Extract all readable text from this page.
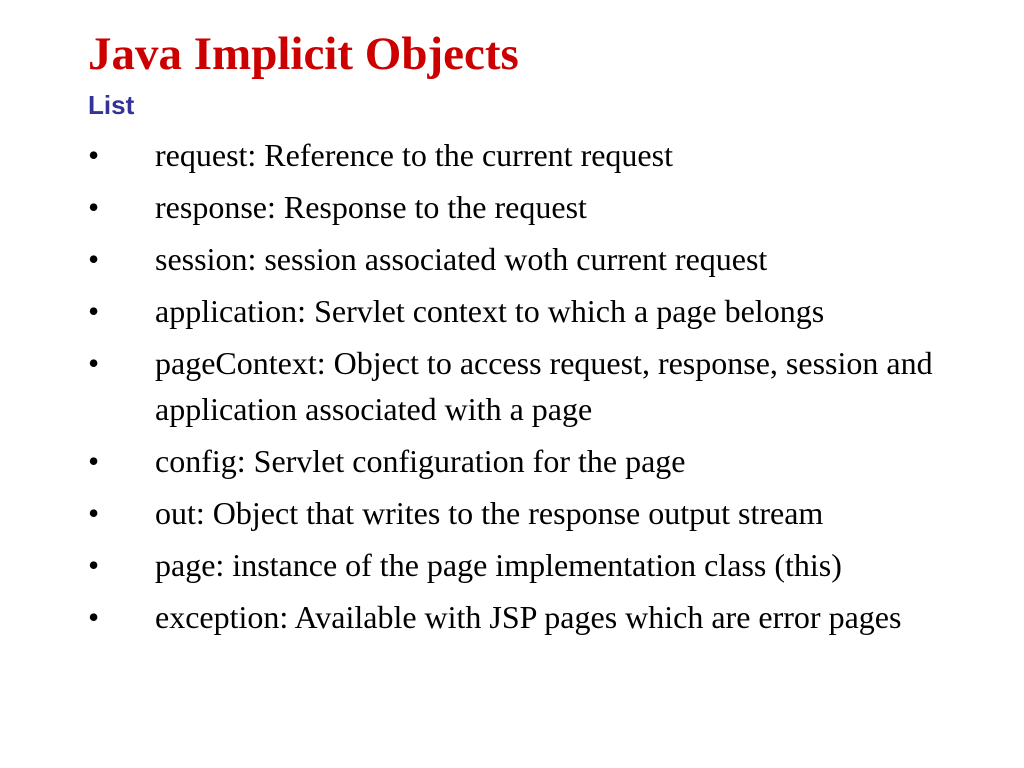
Java Implicit Objects
List
• request: Reference to the current request
• response: Response to the request
• session: session associated woth current request
• application: Servlet context to which a page belongs
• pageContext: Object to access request, response, session and application associated with a page
• config: Servlet configuration for the page
• out: Object that writes to the response output stream
• page: instance of the page implementation class (this)
• exception: Available with JSP pages which are error pages
